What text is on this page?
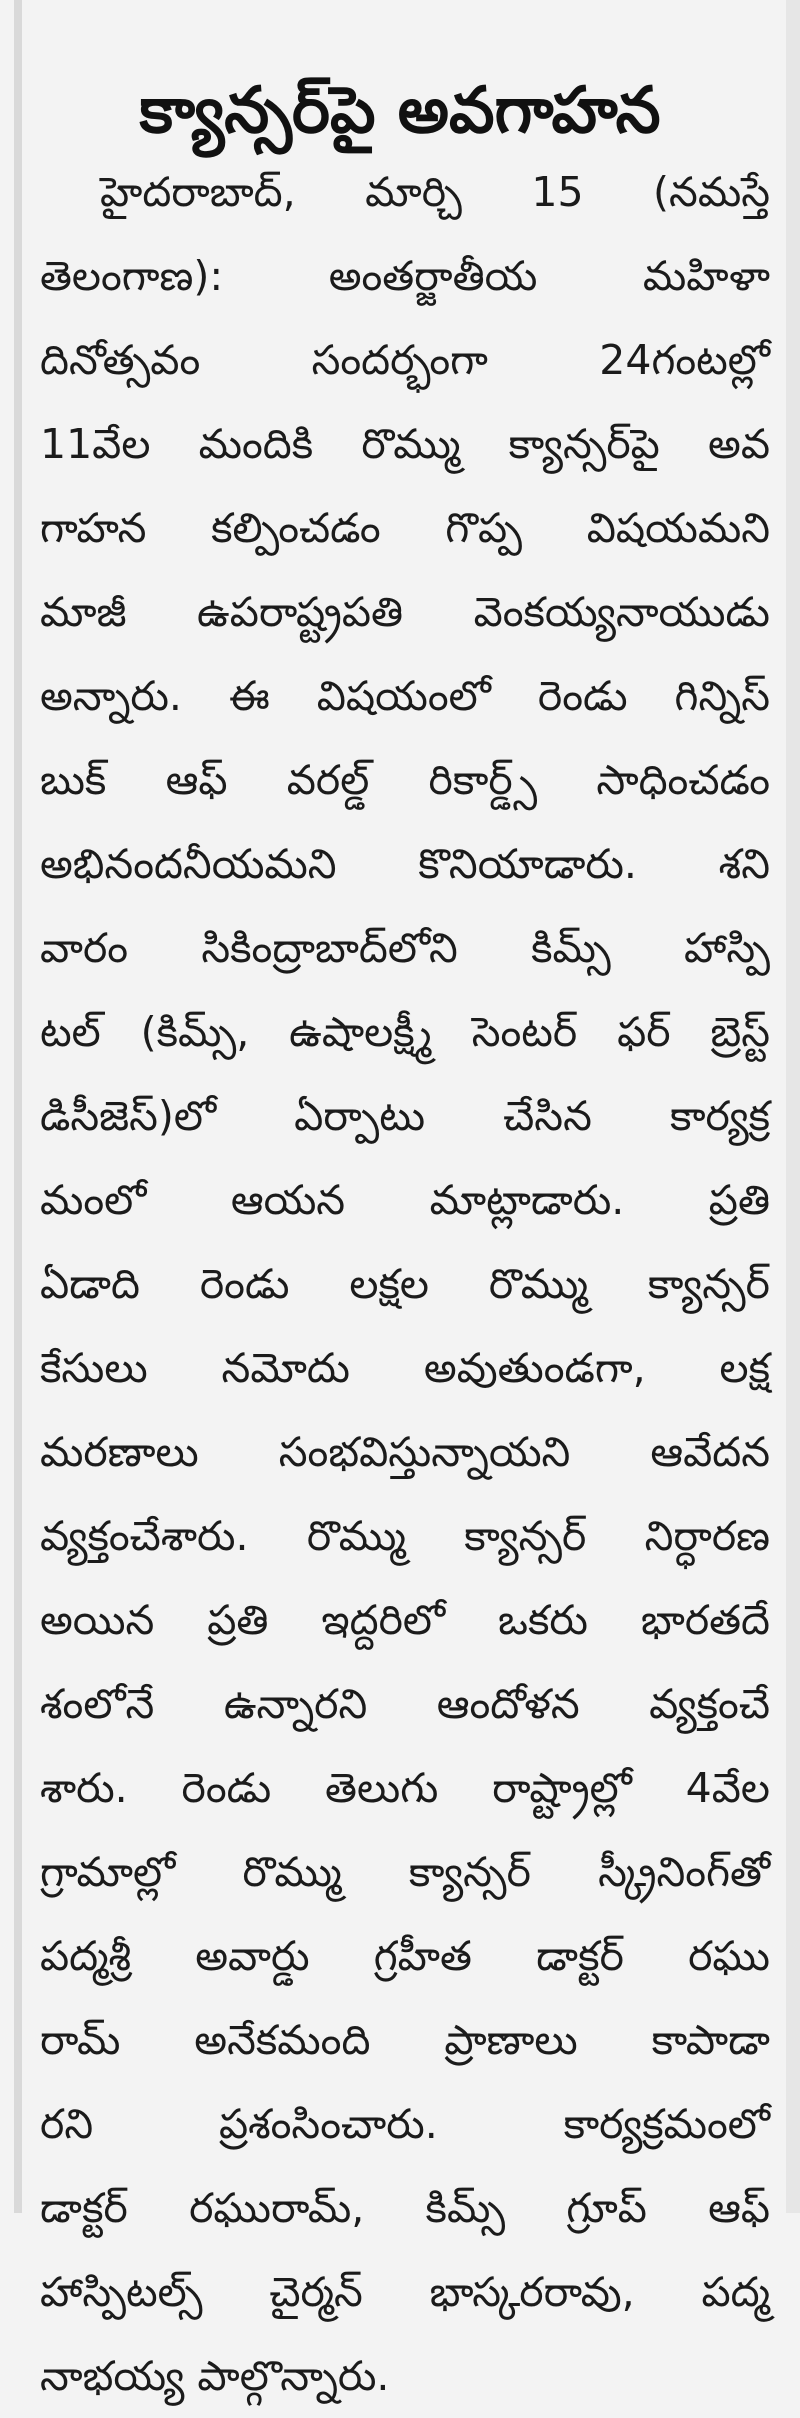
క్యాన్సర్‌పై అవగాహన
హైదరాబాద్, మార్చి 15 (నమస్తే
తెలంగాణ): అంతర్జాతీయ మహిళా
దినోత్సవం సందర్భంగా 24గంటల్లో
11వేల మందికి రొమ్ము క్యాన్సర్‌పై అవ
గాహన కల్పించడం గొప్ప విషయమని
మాజీ ఉపరాష్ట్రపతి వెంకయ్యనాయుడు
అన్నారు. ఈ విషయంలో రెండు గిన్నిస్
బుక్ ఆఫ్ వరల్డ్ రికార్డ్స్ సాధించడం
అభినందనీయమని కొనియాడారు. శని
వారం సికింద్రాబాద్‌లోని కిమ్స్ హాస్పి
టల్ (కిమ్స్, ఉషాలక్ష్మీ సెంటర్ ఫర్ బ్రెస్ట్
డిసీజెస్)లో ఏర్పాటు చేసిన కార్యక్ర
మంలో ఆయన మాట్లాడారు. ప్రతి
ఏడాది రెండు లక్షల రొమ్ము క్యాన్సర్
కేసులు నమోదు అవుతుండగా, లక్ష
మరణాలు సంభవిస్తున్నాయని ఆవేదన
వ్యక్తంచేశారు. రొమ్ము క్యాన్సర్ నిర్ధారణ
అయిన ప్రతి ఇద్దరిలో ఒకరు భారతదే
శంలోనే ఉన్నారని ఆందోళన వ్యక్తంచే
శారు. రెండు తెలుగు రాష్ట్రాల్లో 4వేల
గ్రామాల్లో రొమ్ము క్యాన్సర్ స్క్రీనింగ్‌తో
పద్మశ్రీ అవార్డు గ్రహీత డాక్టర్ రఘు
రామ్ అనేకమంది ప్రాణాలు కాపాడా
రని ప్రశంసించారు. కార్యక్రమంలో
డాక్టర్ రఘురామ్, కిమ్స్ గ్రూప్ ఆఫ్
హాస్పిటల్స్ చైర్మన్ భాస్కరరావు, పద్మ
నాభయ్య పాల్గొన్నారు.
